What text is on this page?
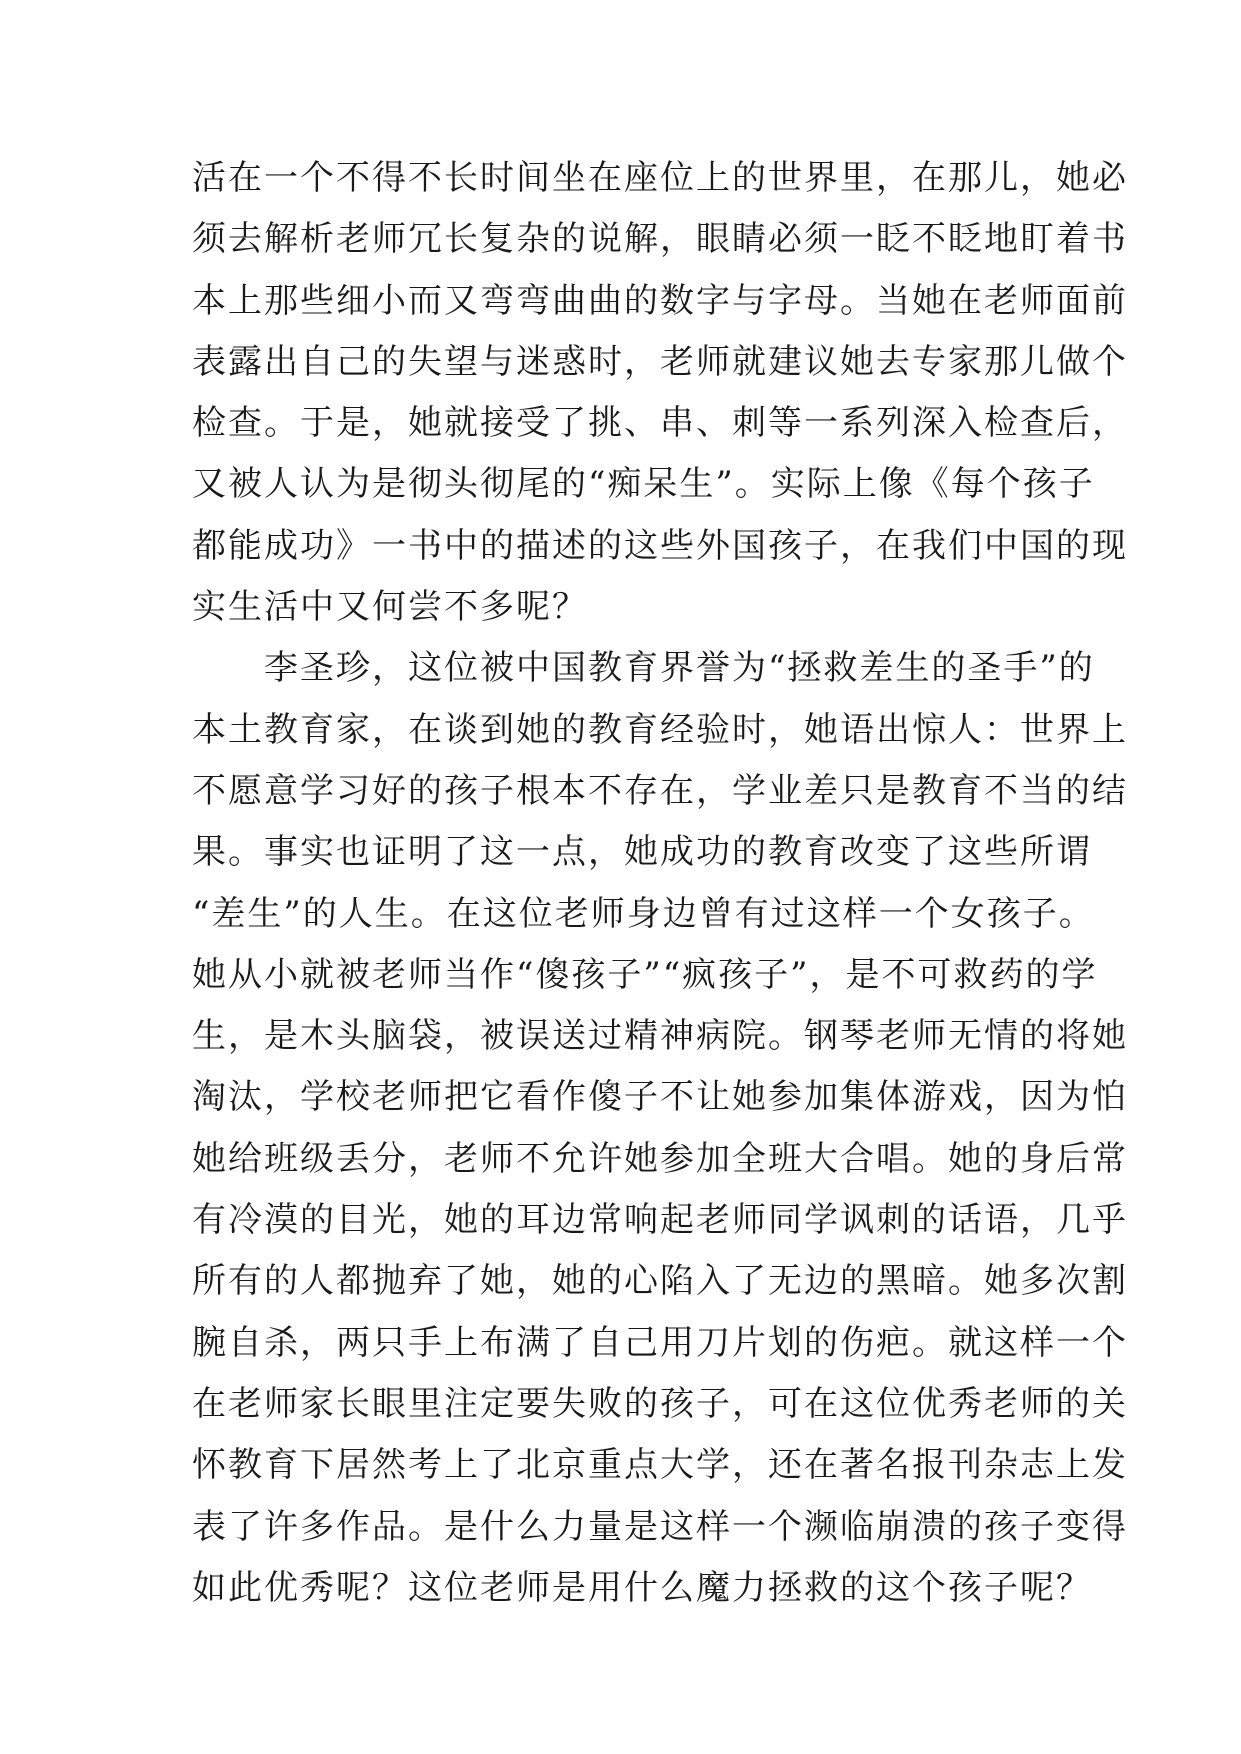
活在一个不得不长时间坐在座位上的世界里，在那儿，她必
须去解析老师冗长复杂的说解，眼睛必须一眨不眨地盯着书
本上那些细小而又弯弯曲曲的数字与字母。当她在老师面前
表露出自己的失望与迷惑时，老师就建议她去专家那儿做个
检查。于是，她就接受了挑、串、刺等一系列深入检查后，
又被人认为是彻头彻尾的“痴呆生”。实际上像《每个孩子
都能成功》一书中的描述的这些外国孩子，在我们中国的现
实生活中又何尝不多呢？
　　李圣珍，这位被中国教育界誉为“拯救差生的圣手”的
本土教育家，在谈到她的教育经验时，她语出惊人：世界上
不愿意学习好的孩子根本不存在，学业差只是教育不当的结
果。事实也证明了这一点，她成功的教育改变了这些所谓
“差生”的人生。在这位老师身边曾有过这样一个女孩子。
她从小就被老师当作“傻孩子”“疯孩子”，是不可救药的学
生，是木头脑袋，被误送过精神病院。钢琴老师无情的将她
淘汰，学校老师把它看作傻子不让她参加集体游戏，因为怕
她给班级丢分，老师不允许她参加全班大合唱。她的身后常
有冷漠的目光，她的耳边常响起老师同学讽刺的话语，几乎
所有的人都抛弃了她，她的心陷入了无边的黑暗。她多次割
腕自杀，两只手上布满了自己用刀片划的伤疤。就这样一个
在老师家长眼里注定要失败的孩子，可在这位优秀老师的关
怀教育下居然考上了北京重点大学，还在著名报刊杂志上发
表了许多作品。是什么力量是这样一个濒临崩溃的孩子变得
如此优秀呢？这位老师是用什么魔力拯救的这个孩子呢？
